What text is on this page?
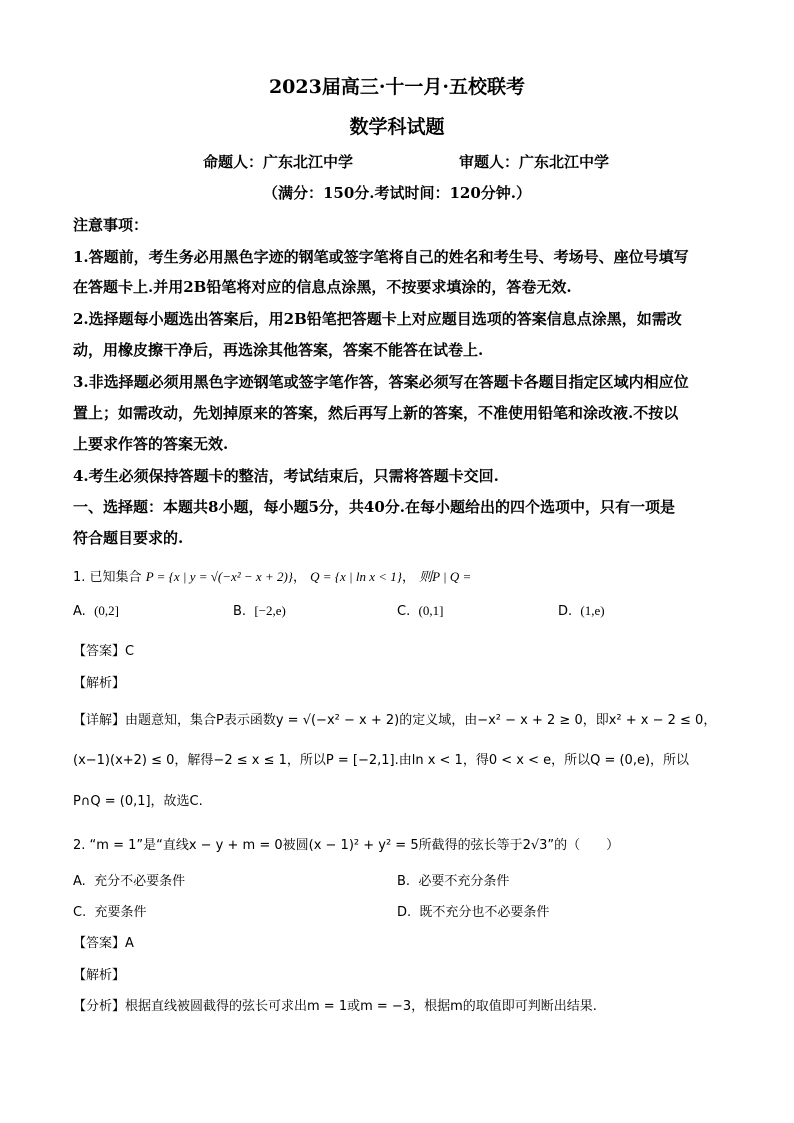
2023届高三·十一月·五校联考
数学科试题
命题人：广东北江中学	审题人：广东北江中学
（满分：150分.考试时间：120分钟.）
注意事项：
1.答题前，考生务必用黑色字迹的钢笔或签字笔将自己的姓名和考生号、考场号、座位号填写
在答题卡上.并用2B铅笔将对应的信息点涂黑，不按要求填涂的，答卷无效.
2.选择题每小题选出答案后，用2B铅笔把答题卡上对应题目选项的答案信息点涂黑，如需改
动，用橡皮擦干净后，再选涂其他答案，答案不能答在试卷上.
3.非选择题必须用黑色字迹钢笔或签字笔作答，答案必须写在答题卡各题目指定区域内相应位
置上；如需改动，先划掉原来的答案，然后再写上新的答案，不准使用铅笔和涂改液.不按以
上要求作答的答案无效.
4.考生必须保持答题卡的整洁，考试结束后，只需将答题卡交回.
一、选择题：本题共8小题，每小题5分，共40分.在每小题给出的四个选项中，只有一项是
符合题目要求的.
1. 已知集合 P = {x | y = √(−x² − x + 2)}， Q = {x | ln x < 1}， 则P | Q =
A. (0,2]	B. [−2,e)	C. (0,1]	D. (1,e)
【答案】C
【解析】
【详解】由题意知，集合P表示函数y = √(−x² − x + 2)的定义域，由−x² − x + 2 ≥ 0，即x² + x − 2 ≤ 0，
(x−1)(x+2) ≤ 0，解得−2 ≤ x ≤ 1，所以P = [−2,1].由ln x < 1，得0 < x < e，所以Q = (0,e)，所以
P∩Q = (0,1]，故选C.
2. “m = 1”是“直线x − y + m = 0被圆(x − 1)² + y² = 5所截得的弦长等于2√3”的（　　）
A. 充分不必要条件	B. 必要不充分条件
C. 充要条件	D. 既不充分也不必要条件
【答案】A
【解析】
【分析】根据直线被圆截得的弦长可求出m = 1或m = −3，根据m的取值即可判断出结果.
